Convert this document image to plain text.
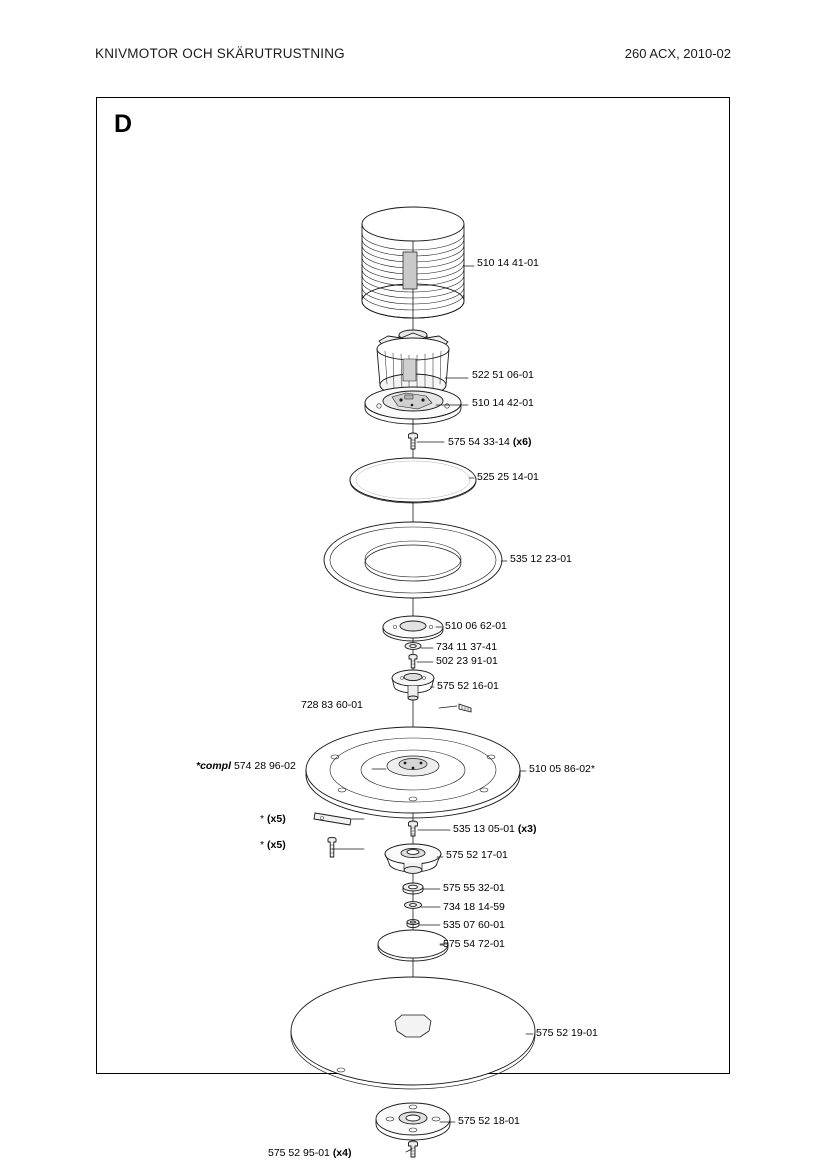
KNIVMOTOR OCH SKÄRUTRUSTNING	260 ACX, 2010-02
D
510 14 41-01
522 51 06-01
510 14 42-01
575 54 33-14 (x6)
525 25 14-01
535 12 23-01
510 06 62-01
734 11 37-41
502 23 91-01
575 52 16-01
728 83 60-01
510 05 86-02*
535 13 05-01 (x3)
575 52 17-01
575 55 32-01
734 18 14-59
535 07 60-01
575 54 72-01
575 52 19-01
575 52 18-01
575 52 95-01 (x4)
*compl 574 28 96-02
* (x5)
* (x5)
